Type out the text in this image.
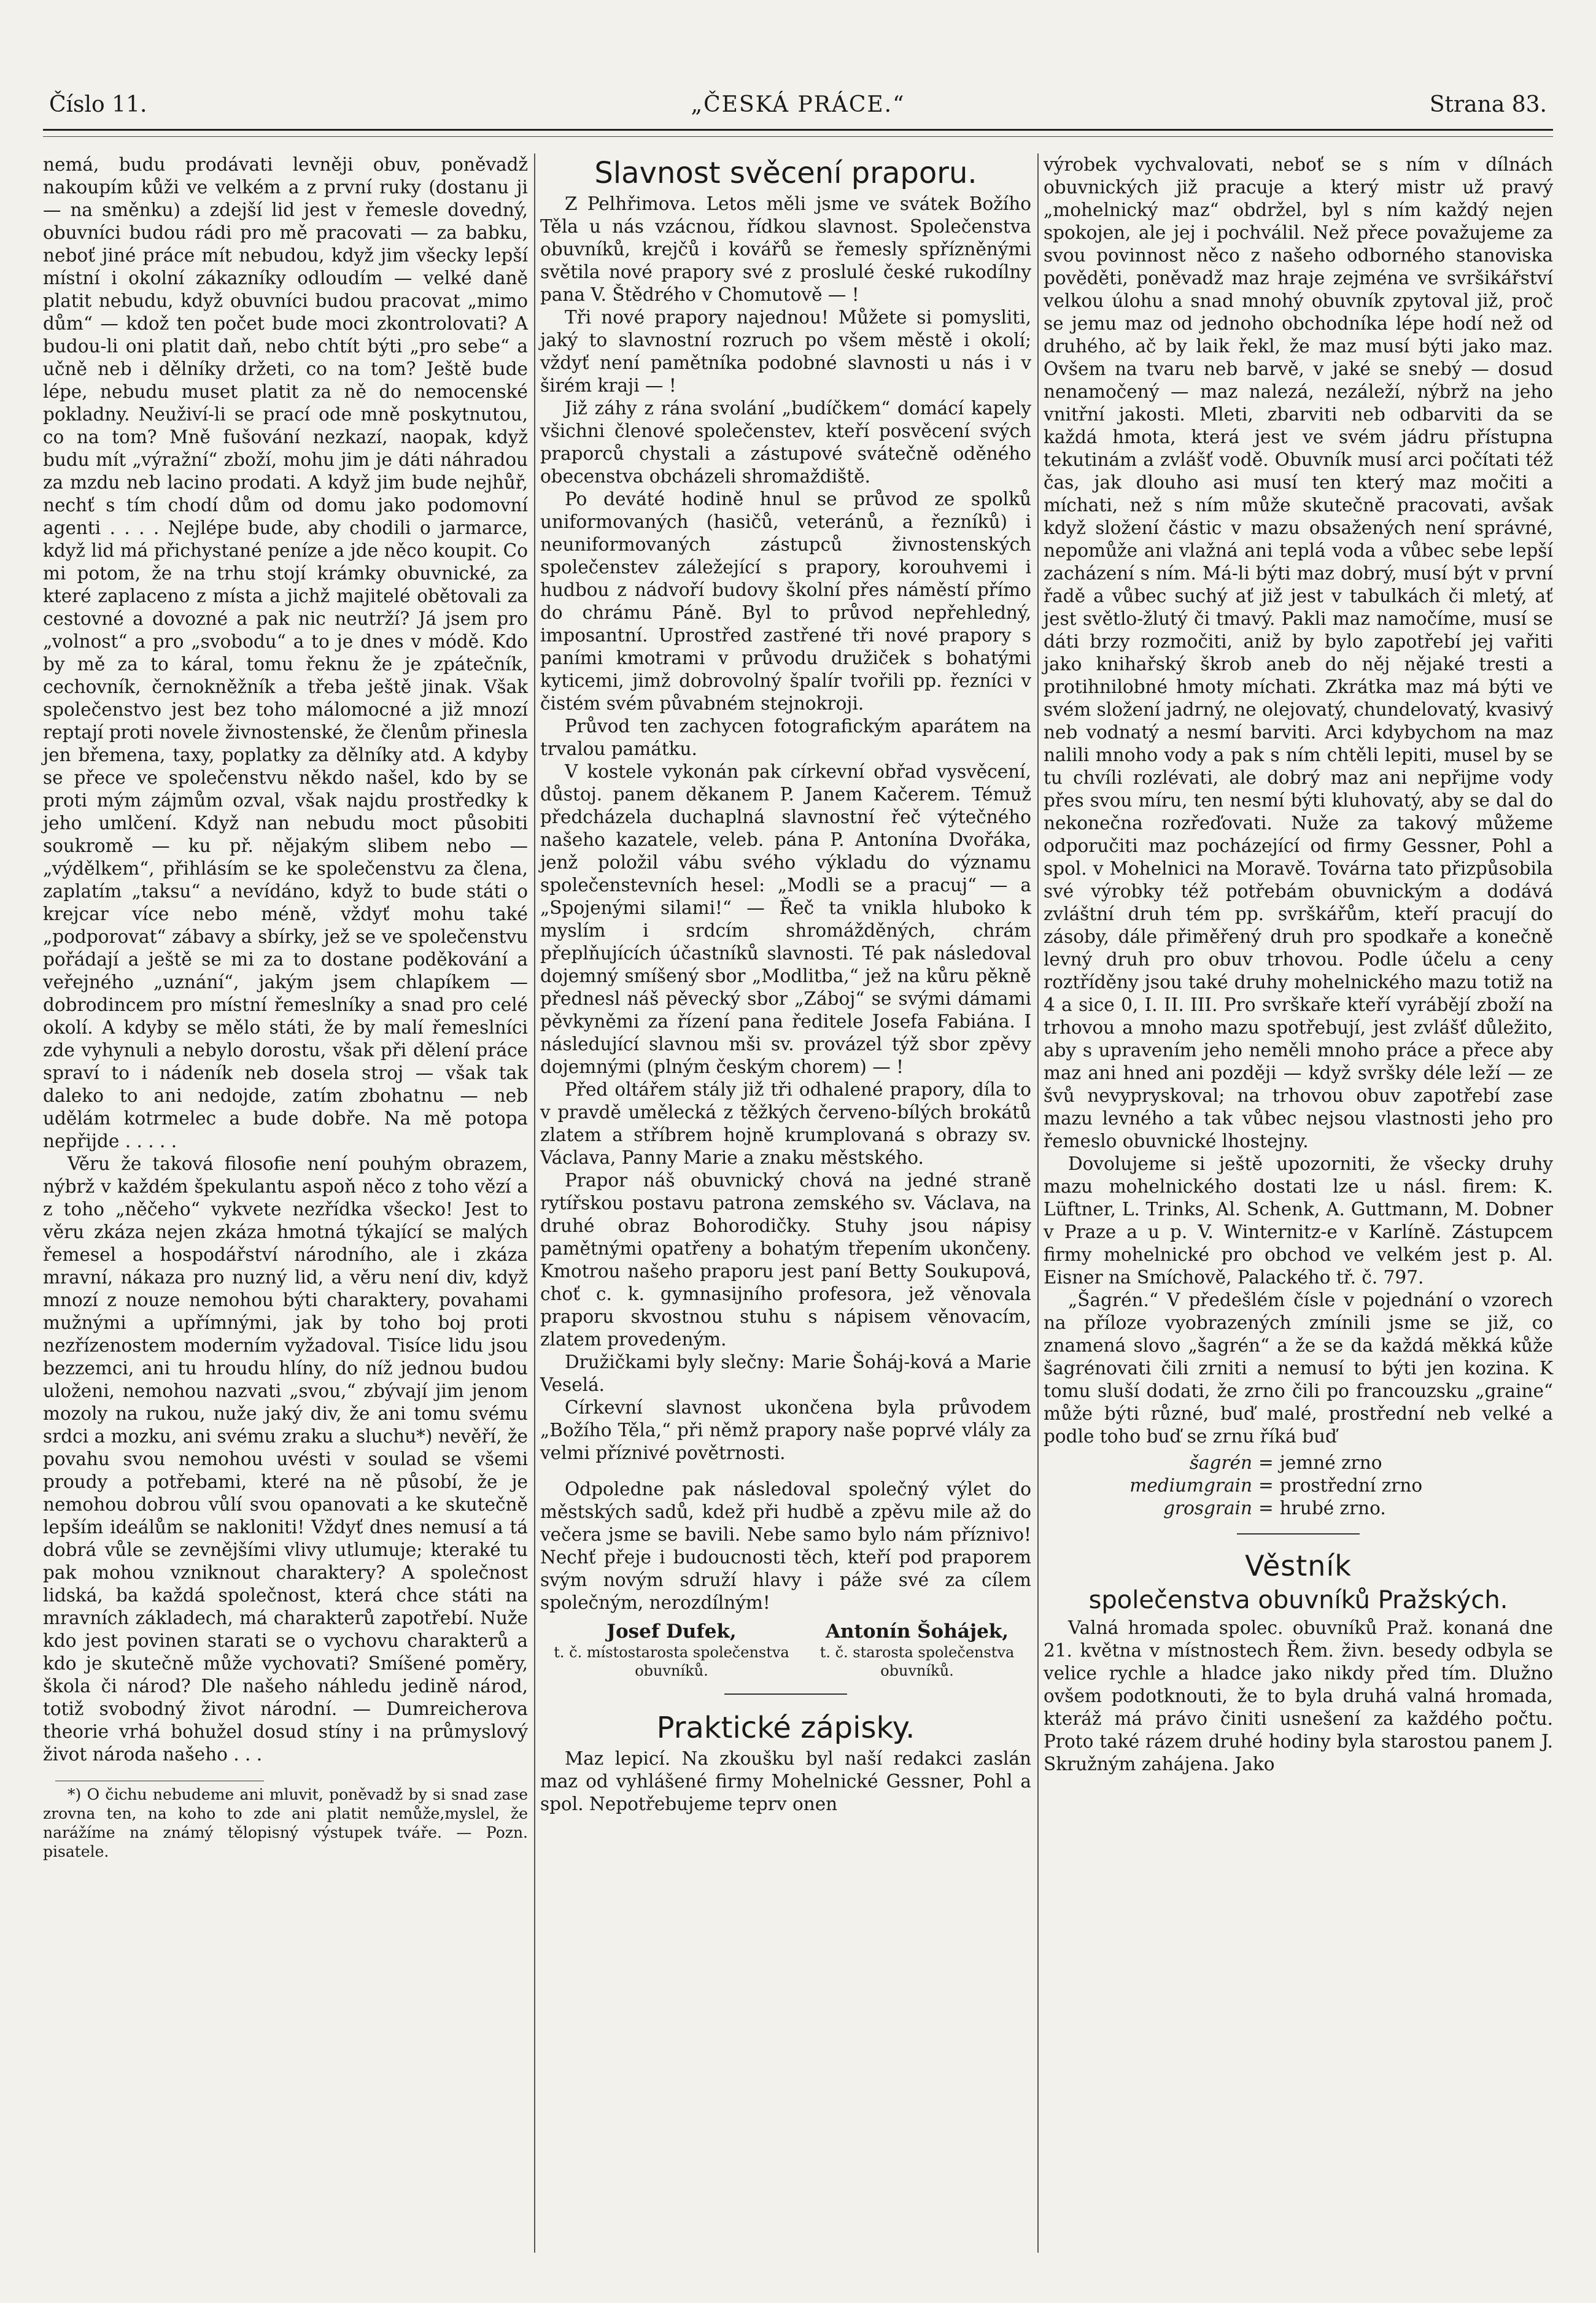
Číslo 11.	„ČESKÁ PRÁCE.“	Strana 83.

nemá, budu prodávati levněji obuv, poněvadž nakoupím kůži ve velkém a z první ruky (dostanu ji — na směnku) a zdejší lid jest v řemesle dovedný, obuvníci budou rádi pro mě pracovati — za babku, neboť jiné práce mít nebudou, když jim všecky lepší místní i okolní zákazníky odloudím — velké daně platit nebudu, když obuvníci budou pracovat „mimo dům“ — kdož ten počet bude moci zkontrolovati? A budou-li oni platit daň, nebo chtít býti „pro sebe“ a učně neb i dělníky držeti, co na tom? Ještě bude lépe, nebudu muset platit za ně do nemocenské pokladny. Neuživí-li se prací ode mně poskytnutou, co na tom? Mně fušování nezkazí, naopak, když budu mít „výražní“ zboží, mohu jim je dáti náhradou za mzdu neb lacino prodati. A když jim bude nejhůř, nechť s tím chodí dům od domu jako podomovní agenti . . . . Nejlépe bude, aby chodili o jarmarce, když lid má přichystané peníze a jde něco koupit. Co mi potom, že na trhu stojí krámky obuvnické, za které zaplaceno z místa a jichž majitelé obětovali za cestovné a dovozné a pak nic neutrží? Já jsem pro „volnost“ a pro „svobodu“ a to je dnes v módě. Kdo by mě za to káral, tomu řeknu že je zpátečník, cechovník, černokněžník a třeba ještě jinak. Však společenstvo jest bez toho málomocné a již mnozí reptají proti novele živnostenské, že členům přinesla jen břemena, taxy, poplatky za dělníky atd. A kdyby se přece ve společenstvu někdo našel, kdo by se proti mým zájmům ozval, však najdu prostředky k jeho umlčení. Když nan nebudu moct působiti soukromě — ku př. nějakým slibem nebo — „výdělkem“, přihlásím se ke společenstvu za člena, zaplatím „taksu“ a nevídáno, když to bude státi o krejcar více nebo méně, vždyť mohu také „podporovat“ zábavy a sbírky, jež se ve společenstvu pořádají a ještě se mi za to dostane poděkování a veřejného „uznání“, jakým jsem chlapíkem — dobrodincem pro místní řemeslníky a snad pro celé okolí. A kdyby se mělo státi, že by malí řemeslníci zde vyhynuli a nebylo dorostu, však při dělení práce spraví to i nádeník neb dosela stroj — však tak daleko to ani nedojde, zatím zbohatnu — neb udělám kotrmelec a bude dobře. Na mě potopa nepřijde . . . . .

Věru že taková filosofie není pouhým obrazem, nýbrž v každém špekulantu aspoň něco z toho vězí a z toho „něčeho“ vykvete nezřídka všecko! Jest to věru zkáza nejen zkáza hmotná týkající se malých řemesel a hospodářství národního, ale i zkáza mravní, nákaza pro nuzný lid, a věru není div, když mnozí z nouze nemohou býti charaktery, povahami mužnými a upřímnými, jak by toho boj proti nezřízenostem moderním vyžadoval. Tisíce lidu jsou bezzemci, ani tu hroudu hlíny, do níž jednou budou uloženi, nemohou nazvati „svou,“ zbývají jim jenom mozoly na rukou, nuže jaký div, že ani tomu svému srdci a mozku, ani svému zraku a sluchu*) nevěří, že povahu svou nemohou uvésti v soulad se všemi proudy a potřebami, které na ně působí, že je nemohou dobrou vůlí svou opanovati a ke skutečně lepším ideálům se nakloniti! Vždyť dnes nemusí a tá dobrá vůle se zevnějšími vlivy utlumuje; kteraké tu pak mohou vzniknout charaktery? A společnost lidská, ba každá společnost, která chce státi na mravních základech, má charakterů zapotřebí. Nuže kdo jest povinen starati se o vychovu charakterů a kdo je skutečně může vychovati? Smíšené poměry, škola či národ? Dle našeho náhledu jedině národ, totiž svobodný život národní. — Dumreicherova theorie vrhá bohužel dosud stíny i na průmyslový život národa našeho . . .

*) O čichu nebudeme ani mluvit, poněvadž by si snad zase zrovna ten, na koho to zde ani platit nemůže,myslel, že narážíme na známý tělopisný výstupek tváře. — Pozn. pisatele.

Slavnost svěcení praporu.

Z Pelhřimova. Letos měli jsme ve svátek Božího Těla u nás vzácnou, řídkou slavnost. Společenstva obuvníků, krejčů i kovářů se řemesly spřízněnými světila nové prapory své z proslulé české rukodílny pana V. Štědrého v Chomutově — !

Tři nové prapory najednou! Můžete si pomysliti, jaký to slavnostní rozruch po všem městě i okolí; vždyť není pamětníka podobné slavnosti u nás i v širém kraji — !

Již záhy z rána svolání „budíčkem“ domácí kapely všichni členové společenstev, kteří posvěcení svých praporců chystali a zástupové svátečně oděného obecenstva obcházeli shromaždiště.

Po deváté hodině hnul se průvod ze spolků uniformovaných (hasičů, veteránů, a řezníků) i neuniformovaných zástupců živnostenských společenstev záležející s prapory, korouhvemi i hudbou z nádvoří budovy školní přes náměstí přímo do chrámu Páně. Byl to průvod nepřehledný, imposantní. Uprostřed zastřené tři nové prapory s paními kmotrami v průvodu družiček s bohatými kyticemi, jimž dobrovolný špalír tvořili pp. řezníci v čistém svém půvabném stejnokroji.

Průvod ten zachycen fotografickým aparátem na trvalou památku.

V kostele vykonán pak církevní obřad vysvěcení, důstoj. panem děkanem P. Janem Kačerem. Témuž předcházela duchaplná slavnostní řeč výtečného našeho kazatele, veleb. pána P. Antonína Dvořáka, jenž položil vábu svého výkladu do významu společenstevních hesel: „Modli se a pracuj“ — a „Spojenými silami!“ — Řeč ta vnikla hluboko k myslím i srdcím shromážděných, chrám přeplňujících účastníků slavnosti. Té pak následoval dojemný smíšený sbor „Modlitba,“ jež na kůru pěkně přednesl náš pěvecký sbor „Záboj“ se svými dámami pěvkyněmi za řízení pana ředitele Josefa Fabiána. I následující slavnou mši sv. provázel týž sbor zpěvy dojemnými (plným českým chorem) — !

Před oltářem stály již tři odhalené prapory, díla to v pravdě umělecká z těžkých červeno-bílých brokátů zlatem a stříbrem hojně krumplovaná s obrazy sv. Václava, Panny Marie a znaku městského.

Prapor náš obuvnický chová na jedné straně rytířskou postavu patrona zemského sv. Václava, na druhé obraz Bohorodičky. Stuhy jsou nápisy pamětnými opatřeny a bohatým třepením ukončeny. Kmotrou našeho praporu jest paní Betty Soukupová, choť c. k. gymnasijního profesora, jež věnovala praporu skvostnou stuhu s nápisem věnovacím, zlatem provedeným.

Družičkami byly slečny: Marie Šoháj-ková a Marie Veselá.

Církevní slavnost ukončena byla průvodem „Božího Těla,“ při němž prapory naše poprvé vlály za velmi příznivé povětrnosti.

Odpoledne pak následoval společný výlet do městských sadů, kdež při hudbě a zpěvu mile až do večera jsme se bavili. Nebe samo bylo nám příznivo! Nechť přeje i budoucnosti těch, kteří pod praporem svým novým sdruží hlavy i páže své za cílem společným, nerozdílným!

Josef Dufek,
t. č. místostarosta společenstva obuvníků.
Antonín Šohájek,
t. č. starosta společenstva obuvníků.

Praktické zápisky.

Maz lepicí. Na zkoušku byl naší redakci zaslán maz od vyhlášené firmy Mohelnické Gessner, Pohl a spol. Nepotřebujeme teprv onen

výrobek vychvalovati, neboť se s ním v dílnách obuvnických již pracuje a který mistr už pravý „mohelnický maz“ obdržel, byl s ním každý nejen spokojen, ale jej i pochválil. Než přece považujeme za svou povinnost něco z našeho odborného stanoviska pověděti, poněvadž maz hraje zejména ve svršikářství velkou úlohu a snad mnohý obuvník zpytoval již, proč se jemu maz od jednoho obchodníka lépe hodí než od druhého, ač by laik řekl, že maz musí býti jako maz. Ovšem na tvaru neb barvě, v jaké se snebý — dosud nenamočený — maz nalezá, nezáleží, nýbrž na jeho vnitřní jakosti. Mleti, zbarviti neb odbarviti da se každá hmota, která jest ve svém jádru přístupna tekutinám a zvlášť vodě. Obuvník musí arci počítati též čas, jak dlouho asi musí ten který maz močiti a míchati, než s ním může skutečně pracovati, avšak když složení částic v mazu obsažených není správné, nepomůže ani vlažná ani teplá voda a vůbec sebe lepší zacházení s ním. Má-li býti maz dobrý, musí být v první řadě a vůbec suchý ať již jest v tabulkách či mletý, ať jest světlo-žlutý či tmavý. Pakli maz namočíme, musí se dáti brzy rozmočiti, aniž by bylo zapotřebí jej vařiti jako knihařský škrob aneb do něj nějaké tresti a protihnilobné hmoty míchati. Zkrátka maz má býti ve svém složení jadrný, ne olejovatý, chundelovatý, kvasivý neb vodnatý a nesmí barviti. Arci kdybychom na maz nalili mnoho vody a pak s ním chtěli lepiti, musel by se tu chvíli rozlévati, ale dobrý maz ani nepřijme vody přes svou míru, ten nesmí býti kluhovatý, aby se dal do nekonečna rozřeďovati. Nuže za takový můžeme odporučiti maz pocházející od firmy Gessner, Pohl a spol. v Mohelnici na Moravě. Továrna tato přizpůsobila své výrobky též potřebám obuvnickým a dodává zvláštní druh tém pp. svrškářům, kteří pracují do zásoby, dále přiměřený druh pro spodkaře a konečně levný druh pro obuv trhovou. Podle účelu a ceny roztříděny jsou také druhy mohelnického mazu totiž na 4 a sice 0, I. II. III. Pro svrškaře kteří vyrábějí zboží na trhovou a mnoho mazu spotřebují, jest zvlášť důležito, aby s upravením jeho neměli mnoho práce a přece aby maz ani hned ani později — když svršky déle leží — ze švů nevypryskoval; na trhovou obuv zapotřebí zase mazu levného a tak vůbec nejsou vlastnosti jeho pro řemeslo obuvnické lhostejny.

Dovolujeme si ještě upozorniti, že všecky druhy mazu mohelnického dostati lze u násl. firem: K. Lüftner, L. Trinks, Al. Schenk, A. Guttmann, M. Dobner v Praze a u p. V. Winternitz-e v Karlíně. Zástupcem firmy mohelnické pro obchod ve velkém jest p. Al. Eisner na Smíchově, Palackého tř. č. 797.

„Šagrén.“ V předešlém čísle v pojednání o vzorech na příloze vyobrazených zmínili jsme se již, co znamená slovo „šagrén“ a že se da každá měkká kůže šagrénovati čili zrniti a nemusí to býti jen kozina. K tomu sluší dodati, že zrno čili po francouzsku „graine“ může býti různé, buď malé, prostřední neb velké a podle toho buď se zrnu říká buď

šagrén = jemné zrno
mediumgrain = prostřední zrno
grosgrain = hrubé zrno.

Věstník

společenstva obuvníků Pražských.

Valná hromada spolec. obuvníků Praž. konaná dne 21. května v místnostech Řem. živn. besedy odbyla se velice rychle a hladce jako nikdy před tím. Dlužno ovšem podotknouti, že to byla druhá valná hromada, kteráž má právo činiti usnešení za každého počtu. Proto také rázem druhé hodiny byla starostou panem J. Skružným zahájena. Jako
